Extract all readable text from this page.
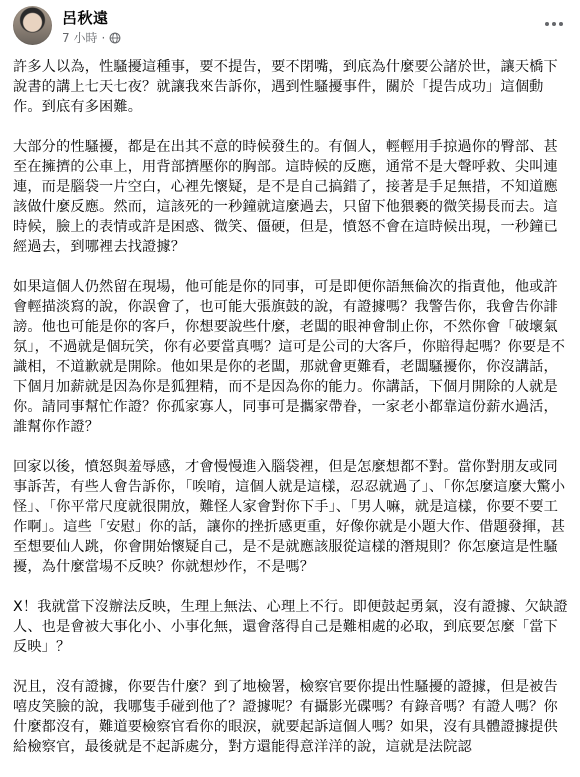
呂秋遠
7 小時 ·

許多人以為，性騷擾這種事，要不提告，要不閉嘴，到底為什麼要公諸於世，讓天橋下說書的講上七天七夜？就讓我來告訴你，遇到性騷擾事件，關於「提告成功」這個動作。到底有多困難。

大部分的性騷擾，都是在出其不意的時候發生的。有個人，輕輕用手掠過你的臀部、甚至在擁擠的公車上，用背部擠壓你的胸部。這時候的反應，通常不是大聲呼救、尖叫連連，而是腦袋一片空白，心裡先懷疑，是不是自己搞錯了，接著是手足無措，不知道應該做什麼反應。然而，這該死的一秒鐘就這麼過去，只留下他猥褻的微笑揚長而去。這時候，臉上的表情或許是困惑、微笑、僵硬，但是，憤怒不會在這時候出現，一秒鐘已經過去，到哪裡去找證據？

如果這個人仍然留在現場，他可能是你的同事，可是即便你語無倫次的指責他，他或許會輕描淡寫的說，你誤會了，也可能大張旗鼓的說，有證據嗎？我警告你，我會告你誹謗。他也可能是你的客戶，你想要說些什麼，老闆的眼神會制止你，不然你會「破壞氣氛」，不過就是個玩笑，你有必要當真嗎？這可是公司的大客戶，你賠得起嗎？你要是不識相，不道歉就是開除。他如果是你的老闆，那就會更難看，老闆騷擾你，你沒講話，下個月加薪就是因為你是狐狸精，而不是因為你的能力。你講話，下個月開除的人就是你。請同事幫忙作證？你孤家寡人，同事可是攜家帶眷，一家老小都靠這份薪水過活，誰幫你作證？

回家以後，憤怒與羞辱感，才會慢慢進入腦袋裡，但是怎麼想都不對。當你對朋友或同事訴苦，有些人會告訴你，「唉唷，這個人就是這樣，忍忍就過了」、「你怎麼這麼大驚小怪」、「你平常尺度就很開放，難怪人家會對你下手」、「男人嘛，就是這樣，你要不要工作啊」。這些「安慰」你的話，讓你的挫折感更重，好像你就是小題大作、借題發揮，甚至想要仙人跳，你會開始懷疑自己，是不是就應該服從這樣的潛規則？你怎麼這是性騷擾，為什麼當場不反映？你就想炒作，不是嗎？

X！我就當下沒辦法反映，生理上無法、心理上不行。即便鼓起勇氣，沒有證據、欠缺證人、也是會被大事化小、小事化無，還會落得自己是難相處的必取，到底要怎麼「當下反映」？

況且，沒有證據，你要告什麼？到了地檢署，檢察官要你提出性騷擾的證據，但是被告嘻皮笑臉的說，我哪隻手碰到他了？證據呢？有攝影光碟嗎？有錄音嗎？有證人嗎？你什麼都沒有，難道要檢察官看你的眼淚，就要起訴這個人嗎？如果，沒有具體證據提供給檢察官，最後就是不起訴處分，對方還能得意洋洋的說，這就是法院認
